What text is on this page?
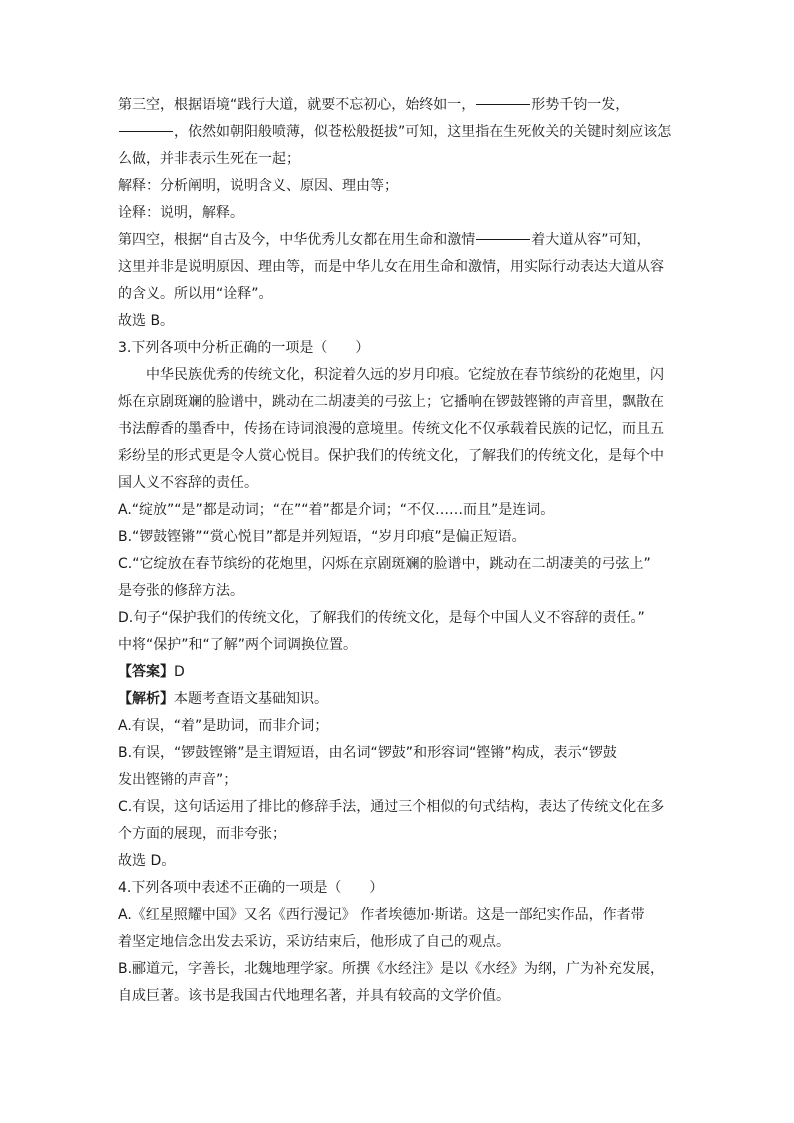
第三空，根据语境“践行大道，就要不忘初心，始终如一，	形势千钧一发，
，依然如朝阳般喷薄，似苍松般挺拔”可知，这里指在生死攸关的关键时刻应该怎
么做，并非表示生死在一起；
解释：分析阐明，说明含义、原因、理由等；
诠释：说明，解释。
第四空，根据“自古及今，中华优秀儿女都在用生命和激情	着大道从容”可知，
这里并非是说明原因、理由等，而是中华儿女在用生命和激情，用实际行动表达大道从容
的含义。所以用“诠释”。
故选 B。
3.下列各项中分析正确的一项是（　　）
中华民族优秀的传统文化，积淀着久远的岁月印痕。它绽放在春节缤纷的花炮里，闪
烁在京剧斑斓的脸谱中，跳动在二胡凄美的弓弦上；它播响在锣鼓铿锵的声音里，飘散在
书法醇香的墨香中，传扬在诗词浪漫的意境里。传统文化不仅承载着民族的记忆，而且五
彩纷呈的形式更是令人赏心悦目。保护我们的传统文化，了解我们的传统文化，是每个中
国人义不容辞的责任。
A.“绽放”“是”都是动词；“在”“着”都是介词；“不仅……而且”是连词。
B.“锣鼓铿锵”“赏心悦目”都是并列短语，“岁月印痕”是偏正短语。
C.“它绽放在春节缤纷的花炮里，闪烁在京剧斑斓的脸谱中，跳动在二胡凄美的弓弦上”
是夸张的修辞方法。
D.句子“保护我们的传统文化，了解我们的传统文化，是每个中国人义不容辞的责任。”
中将“保护”和“了解”两个词调换位置。
【答案】D
【解析】本题考查语文基础知识。
A.有误，“着”是助词，而非介词；
B.有误，“锣鼓铿锵”是主谓短语，由名词“锣鼓”和形容词“铿锵”构成，表示“锣鼓
发出铿锵的声音”；
C.有误，这句话运用了排比的修辞手法，通过三个相似的句式结构，表达了传统文化在多
个方面的展现，而非夸张；
故选 D。
4.下列各项中表述不正确的一项是（　　）
A.《红星照耀中国》又名《西行漫记》 作者埃德加·斯诺。这是一部纪实作品，作者带
着坚定地信念出发去采访，采访结束后，他形成了自己的观点。
B.郦道元，字善长，北魏地理学家。所撰《水经注》是以《水经》为纲，广为补充发展，
自成巨著。该书是我国古代地理名著，并具有较高的文学价值。
